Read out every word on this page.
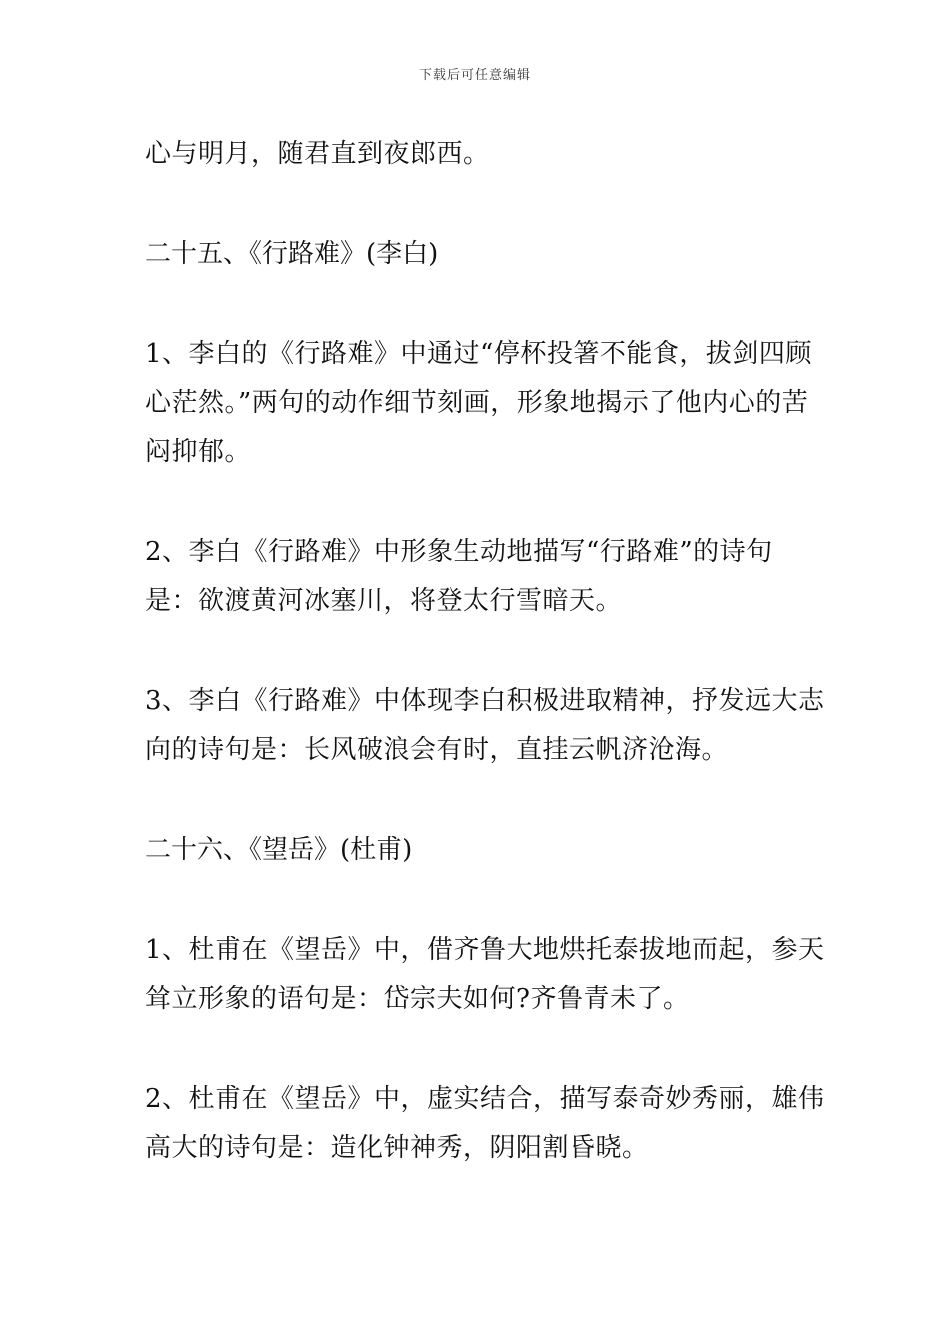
下载后可任意编辑
心与明月，随君直到夜郎西。
二十五、《行路难》(李白)
1、李白的《行路难》中通过“停杯投箸不能食，拔剑四顾心茫然。”两句的动作细节刻画，形象地揭示了他内心的苦闷抑郁。
2、李白《行路难》中形象生动地描写“行路难”的诗句是：欲渡黄河冰塞川，将登太行雪暗天。
3、李白《行路难》中体现李白积极进取精神，抒发远大志向的诗句是：长风破浪会有时，直挂云帆济沧海。
二十六、《望岳》(杜甫)
1、杜甫在《望岳》中，借齐鲁大地烘托泰拔地而起，参天耸立形象的语句是：岱宗夫如何?齐鲁青未了。
2、杜甫在《望岳》中，虚实结合，描写泰奇妙秀丽，雄伟高大的诗句是：造化钟神秀，阴阳割昏晓。
